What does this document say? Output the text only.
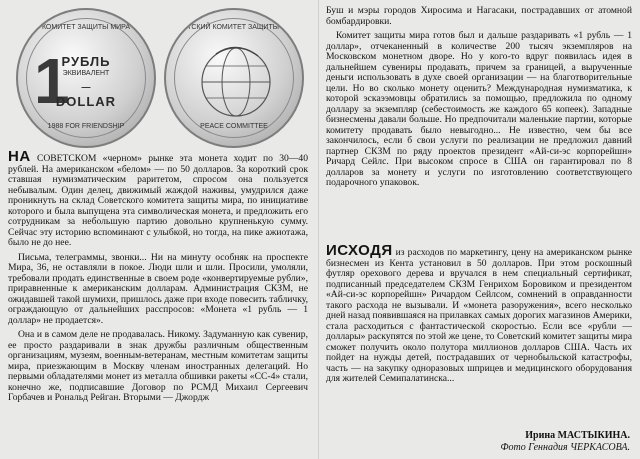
КОМИТЕТ ЗАЩИТЫ МИРА
1
РУБЛЬ
ЭКВИВАЛЕНТ
—
DOLLAR
1988 FOR FRIENDSHIP
СОВЕТСКИЙ КОМИТЕТ ЗАЩИТЫ МИРА
PEACE COMMITTEE

НА СОВЕТСКОМ «черном» рынке эта монета ходит по 30—40 рублей. На американском «белом» — по 50 долларов. За короткий срок ставшая нумизматическим раритетом, спросом она пользуется небывалым. Один делец, движимый жаждой наживы, умудрился даже проникнуть на склад Советского комитета защиты мира, по инициативе которого и была выпущена эта символическая монета, и предложить его сотрудникам за небольшую партию довольно крупненькую сумму. Сейчас эту историю вспоминают с улыбкой, но тогда, на пике ажиотажа, было не до нее.

Письма, телеграммы, звонки... Ни на минуту особняк на проспекте Мира, 36, не оставляли в покое. Люди шли и шли. Просили, умоляли, требовали продать единственные в своем роде «конвертируемые рубли», приравненные к американским долларам. Администрация СКЗМ, не ожидавшей такой шумихи, пришлось даже при входе повесить табличку, ограждающую от дальнейших расспросов: «Монета «1 рубль — 1 доллар» не продается».

Она и в самом деле не продавалась. Никому. Задуманную как сувенир, ее просто раздаривали в знак дружбы различным общественным организациям, музеям, военным-ветеранам, местным комитетам защиты мира, приезжающим в Москву членам иностранных делегаций. Но первыми обладателями монет из металла обшивки ракеты «СС-4» стали, конечно же, подписавшие Договор по РСМД Михаил Сергеевич Горбачев и Рональд Рейган. Вторыми — Джордж

Буш и мэры городов Хиросима и Нагасаки, пострадавших от атомной бомбардировки.

Комитет защиты мира готов был и дальше раздаривать «1 рубль — 1 доллар», отчеканенный в количестве 200 тысяч экземпляров на Московском монетном дворе. Но у кого-то вдруг появилась идея в дальнейшем сувениры продавать, причем за границей, а вырученные деньги использовать в духе своей организации — на благотворительные цели. Но во сколько монету оценить? Международная нумизматика, к которой эскаээмовцы обратились за помощью, предложила по одному доллару за экземпляр (себестоимость же каждого 65 копеек). Западные бизнесмены давали больше. Но предпочитали маленькие партии, которые комитету продавать было невыгодно... Не известно, чем бы все закончилось, если б свои услуги по реализации не предложил давний партнер СКЗМ по ряду проектов президент «Ай-си-эс корпорейшн» Ричард Сейлс. При высоком спросе в США он гарантировал по 8 долларов за монету и услуги по изготовлению соответствующего подарочного упаковок.

ИСХОДЯ из расходов по маркетингу, цену на американском рынке бизнесмен из Кента установил в 50 долларов. При этом роскошный футляр орехового дерева и вручался в нем специальный сертификат, подписанный председателем СКЗМ Генрихом Боровиком и президентом «Ай-си-эс корпорейшн» Ричардом Сейлсом, сомнений в оправданности такого расхода не вызывали. И «монета разоружения», всего несколько дней назад появившаяся на прилавках самых дорогих магазинов Америки, стала расходиться с фантастической скоростью. Если все «рубли — доллары» раскупятся по этой же цене, то Советский комитет защиты мира сможет получить около полутора миллионов долларов США. Часть их пойдет на нужды детей, пострадавших от чернобыльской катастрофы, часть — на закупку одноразовых шприцев и медицинского оборудования для жителей Семипалатинска...

Ирина МАСТЫКИНА.
Фото Геннадия ЧЕРКАСОВА.
